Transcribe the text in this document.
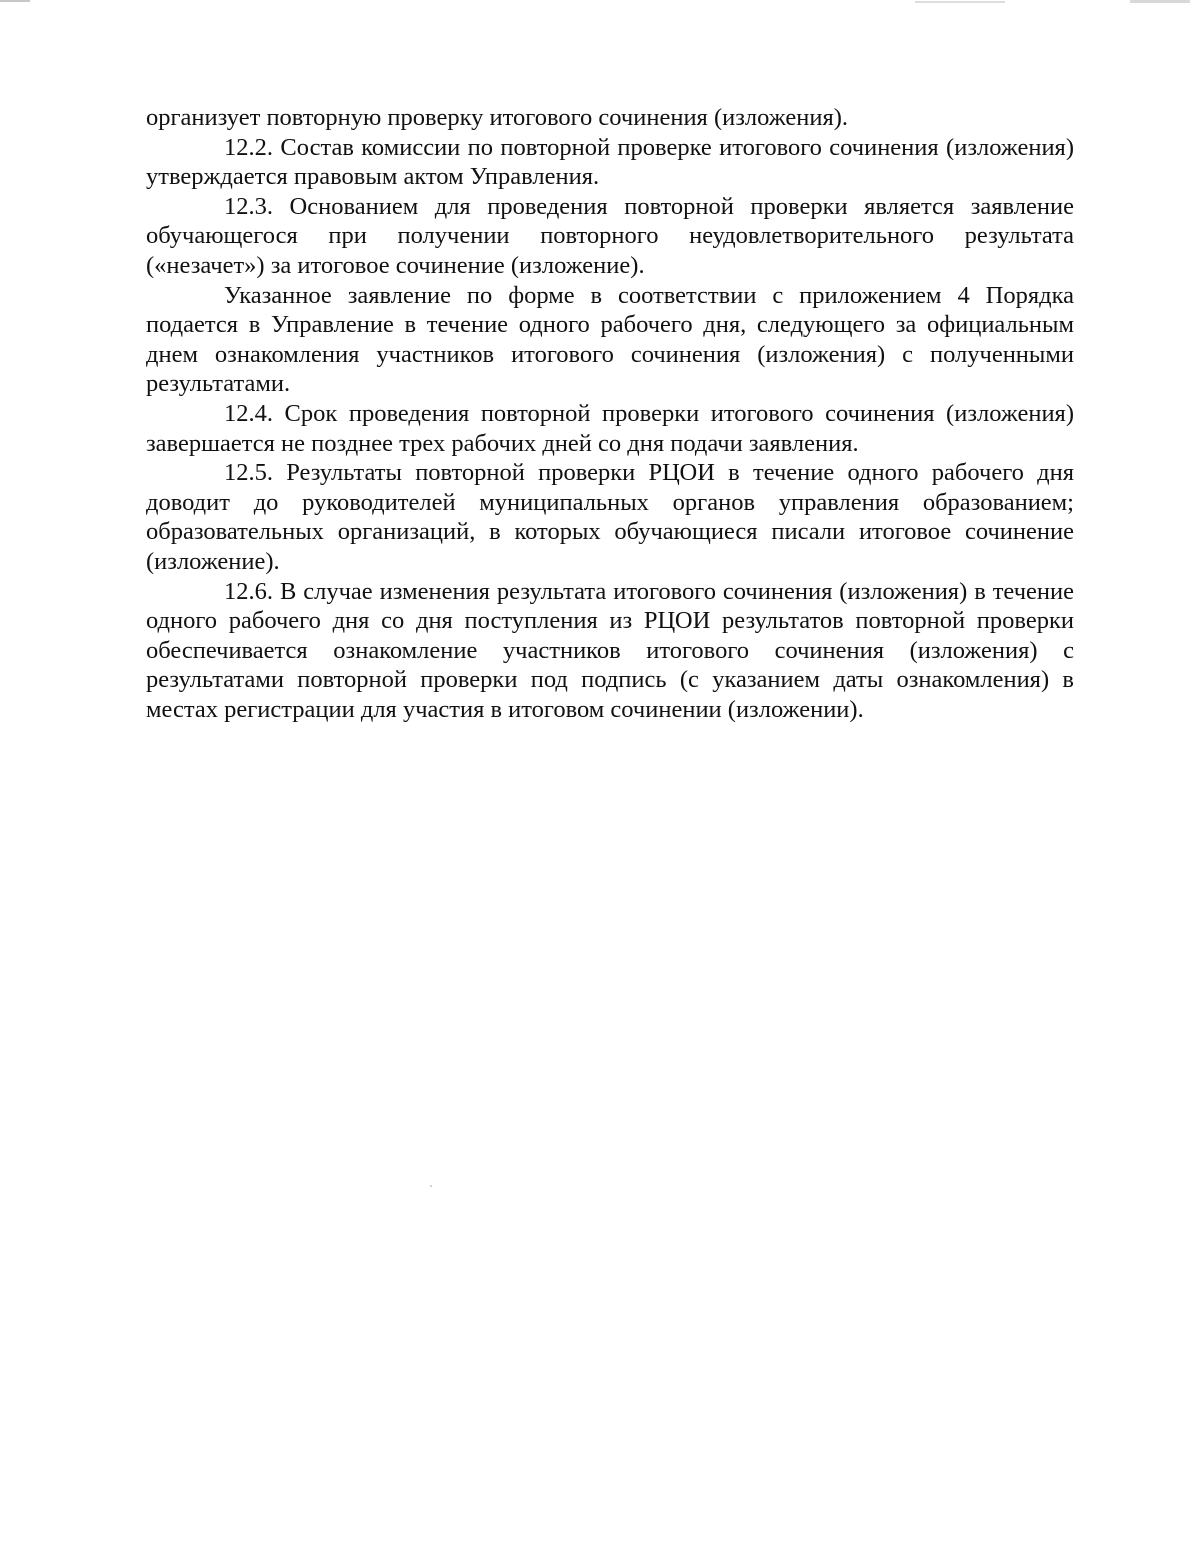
организует повторную проверку итогового сочинения (изложения).

12.2. Состав комиссии по повторной проверке итогового сочинения (изложения) утверждается правовым актом Управления.

12.3. Основанием для проведения повторной проверки является заявление обучающегося при получении повторного неудовлетворительного результата («незачет») за итоговое сочинение (изложение).

Указанное заявление по форме в соответствии с приложением 4 Порядка подается в Управление в течение одного рабочего дня, следующего за официальным днем ознакомления участников итогового сочинения (изложения) с полученными результатами.

12.4. Срок проведения повторной проверки итогового сочинения (изложения) завершается не позднее трех рабочих дней со дня подачи заявления.

12.5. Результаты повторной проверки РЦОИ в течение одного рабочего дня доводит до руководителей муниципальных органов управления образованием; образовательных организаций, в которых обучающиеся писали итоговое сочинение (изложение).

12.6. В случае изменения результата итогового сочинения (изложения) в течение одного рабочего дня со дня поступления из РЦОИ результатов повторной проверки обеспечивается ознакомление участников итогового сочинения (изложения) с результатами повторной проверки под подпись (с указанием даты ознакомления) в местах регистрации для участия в итоговом сочинении (изложении).
